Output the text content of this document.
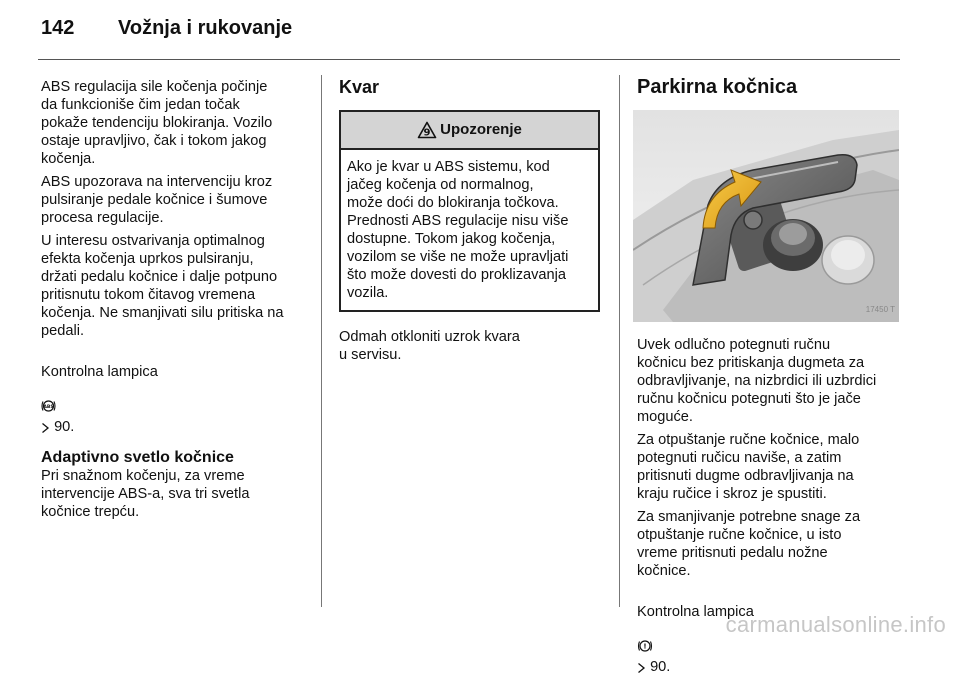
142 Vožnja i rukovanje

ABS regulacija sile kočenja počinje
da funkcioniše čim jedan točak
pokaže tendenciju blokiranja. Vozilo
ostaje upravljivo, čak i tokom jakog
kočenja.

ABS upozorava na intervenciju kroz
pulsiranje pedale kočnice i šumove
procesa regulacije.

U interesu ostvarivanja optimalnog
efekta kočenja uprkos pulsiranju,
držati pedalu kočnice i dalje potpuno
pritisnutu tokom čitavog vremena
kočenja. Ne smanjivati silu pritiska na
pedali.

Kontrolna lampica

ABS

90.

Adaptivno svetlo kočnice

Pri snažnom kočenju, za vreme
intervencije ABS-a, sva tri svetla
kočnice trepću.

Kvar
9 Upozorenje
Ako je kvar u ABS sistemu, kod
jačeg kočenja od normalnog,
može doći do blokiranja točkova.
Prednosti ABS regulacije nisu više
dostupne. Tokom jakog kočenja,
vozilom se više ne može upravljati
što može dovesti do proklizavanja
vozila.

Odmah otkloniti uzrok kvara
u servisu.

Parkirna kočnica
17450 T

Uvek odlučno potegnuti ručnu
kočnicu bez pritiskanja dugmeta za
odbravljivanje, na nizbrdici ili uzbrdici
ručnu kočnicu potegnuti što je jače
moguće.

Za otpuštanje ručne kočnice, malo
potegnuti ručicu naviše, a zatim
pritisnuti dugme odbravljivanja na
kraju ručice i skroz je spustiti.

Za smanjivanje potrebne snage za
otpuštanje ručne kočnice, u isto
vreme pritisnuti pedalu nožne
kočnice.

Kontrolna lampica

!

90.

carmanualsonline.info
